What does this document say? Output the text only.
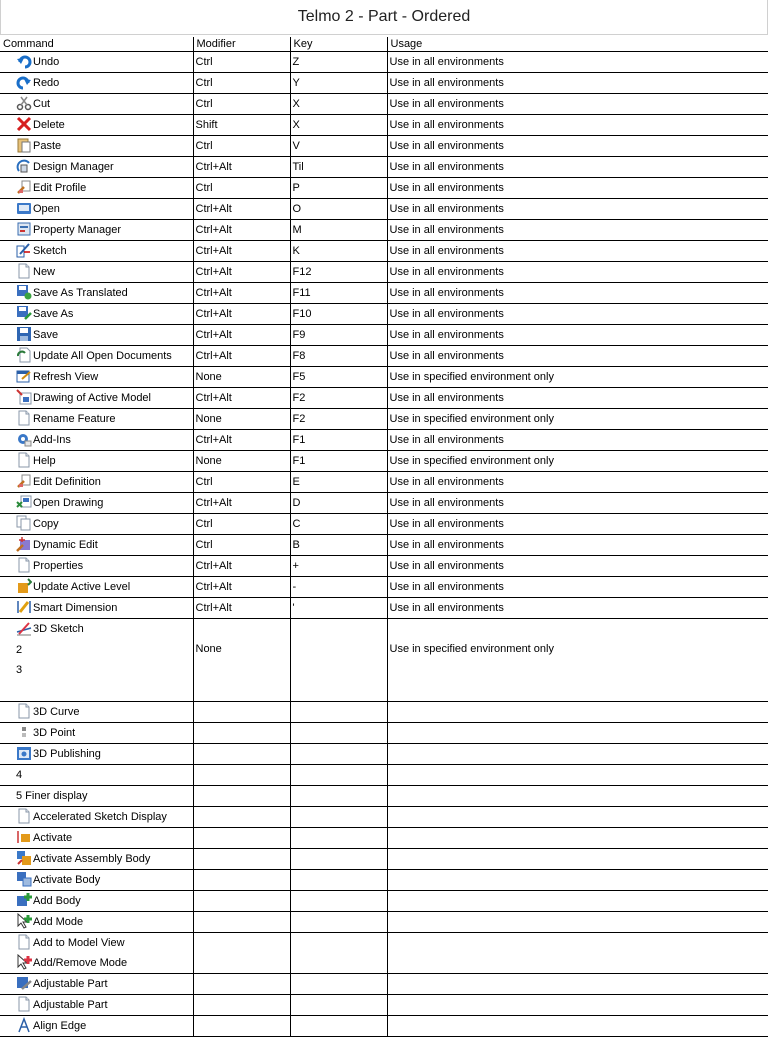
Telmo 2 - Part - Ordered
Command	Modifier	Key	Usage

Undo	Ctrl	Z	Use in all environments

Redo	Ctrl	Y	Use in all environments

Cut	Ctrl	X	Use in all environments

Delete	Shift	X	Use in all environments

Paste	Ctrl	V	Use in all environments

Design Manager	Ctrl+Alt	Til	Use in all environments

Edit Profile	Ctrl	P	Use in all environments

Open	Ctrl+Alt	O	Use in all environments

Property Manager	Ctrl+Alt	M	Use in all environments

Sketch	Ctrl+Alt	K	Use in all environments

New	Ctrl+Alt	F12	Use in all environments

Save As Translated	Ctrl+Alt	F11	Use in all environments

Save As	Ctrl+Alt	F10	Use in all environments

Save	Ctrl+Alt	F9	Use in all environments

Update All Open Documents	Ctrl+Alt	F8	Use in all environments

Refresh View	None	F5	Use in specified environment only

Drawing of Active Model	Ctrl+Alt	F2	Use in all environments

Rename Feature	None	F2	Use in specified environment only

Add-Ins	Ctrl+Alt	F1	Use in all environments

Help	None	F1	Use in specified environment only

Edit Definition	Ctrl	E	Use in all environments

Open Drawing	Ctrl+Alt	D	Use in all environments

Copy	Ctrl	C	Use in all environments

Dynamic Edit	Ctrl	B	Use in all environments

Properties	Ctrl+Alt	+	Use in all environments

Update Active Level	Ctrl+Alt	-	Use in all environments

Smart Dimension	Ctrl+Alt	'	Use in all environments

3D Sketch
2
3	None		Use in specified environment only

3D Curve			

3D Point			

3D Publishing			
4			
5 Finer display			

Accelerated Sketch Display			

Activate			

Activate Assembly Body			

Activate Body			

Add Body			

Add Mode			

Add to Model View
Add/Remove Mode			

Adjustable Part			

Adjustable Part			

Align Edge			
